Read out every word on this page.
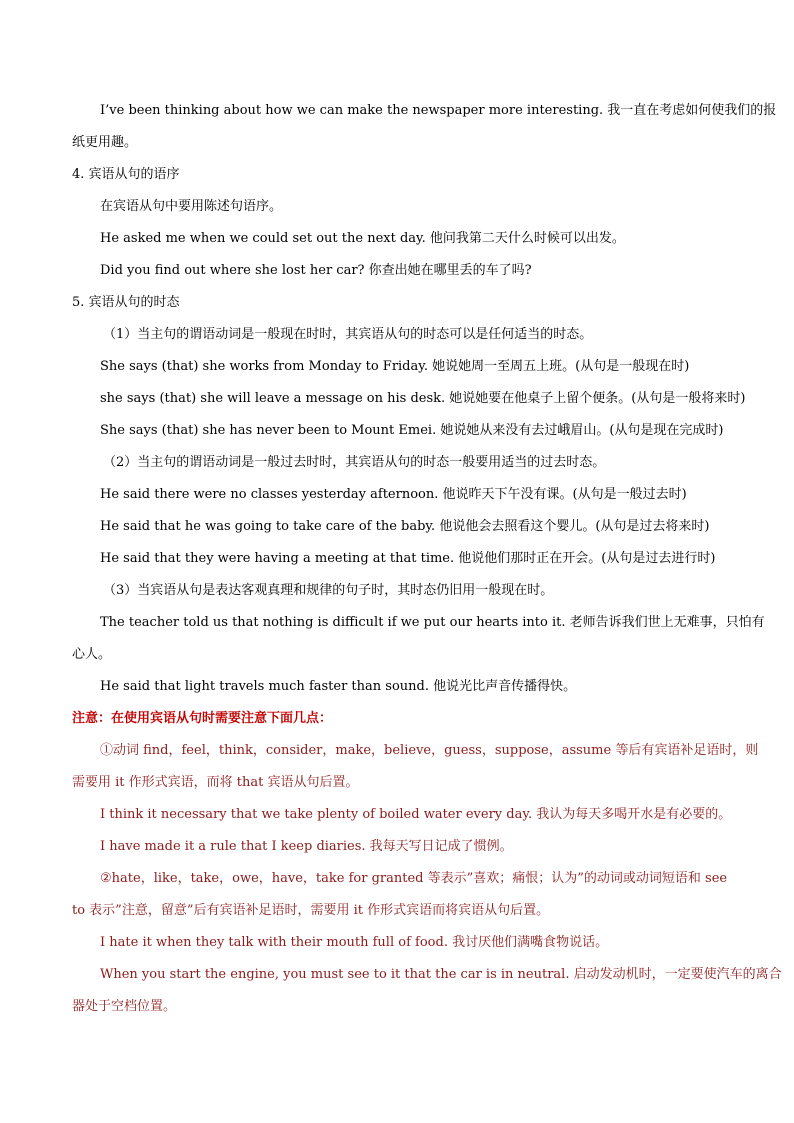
I’ve been thinking about how we can make the newspaper more interesting. 我一直在考虑如何使我们的报
纸更用趣。
4. 宾语从句的语序
在宾语从句中要用陈述句语序。
He asked me when we could set out the next day. 他问我第二天什么时候可以出发。
Did you find out where she lost her car? 你查出她在哪里丢的车了吗?
5. 宾语从句的时态
（1）当主句的谓语动词是一般现在时时，其宾语从句的时态可以是任何适当的时态。
She says (that) she works from Monday to Friday. 她说她周一至周五上班。(从句是一般现在时)
she says (that) she will leave a message on his desk. 她说她要在他桌子上留个便条。(从句是一般将来时)
She says (that) she has never been to Mount Emei. 她说她从来没有去过峨眉山。(从句是现在完成时)
（2）当主句的谓语动词是一般过去时时，其宾语从句的时态一般要用适当的过去时态。
He said there were no classes yesterday afternoon. 他说昨天下午没有课。(从句是一般过去时)
He said that he was going to take care of the baby. 他说他会去照看这个婴儿。(从句是过去将来时)
He said that they were having a meeting at that time. 他说他们那时正在开会。(从句是过去进行时)
（3）当宾语从句是表达客观真理和规律的句子时，其时态仍旧用一般现在时。
The teacher told us that nothing is difficult if we put our hearts into it. 老师告诉我们世上无难事，只怕有
心人。
He said that light travels much faster than sound. 他说光比声音传播得快。
注意：在使用宾语从句时需要注意下面几点：
①动词 find，feel，think，consider，make，believe，guess，suppose，assume 等后有宾语补足语时，则
需要用 it 作形式宾语，而将 that 宾语从句后置。
I think it necessary that we take plenty of boiled water every day. 我认为每天多喝开水是有必要的。
I have made it a rule that I keep diaries. 我每天写日记成了惯例。
②hate，like，take，owe，have，take for granted 等表示”喜欢；痛恨；认为”的动词或动词短语和 see
to 表示”注意，留意”后有宾语补足语时，需要用 it 作形式宾语而将宾语从句后置。
I hate it when they talk with their mouth full of food. 我讨厌他们满嘴食物说话。
When you start the engine, you must see to it that the car is in neutral. 启动发动机时，一定要使汽车的离合
器处于空档位置。
